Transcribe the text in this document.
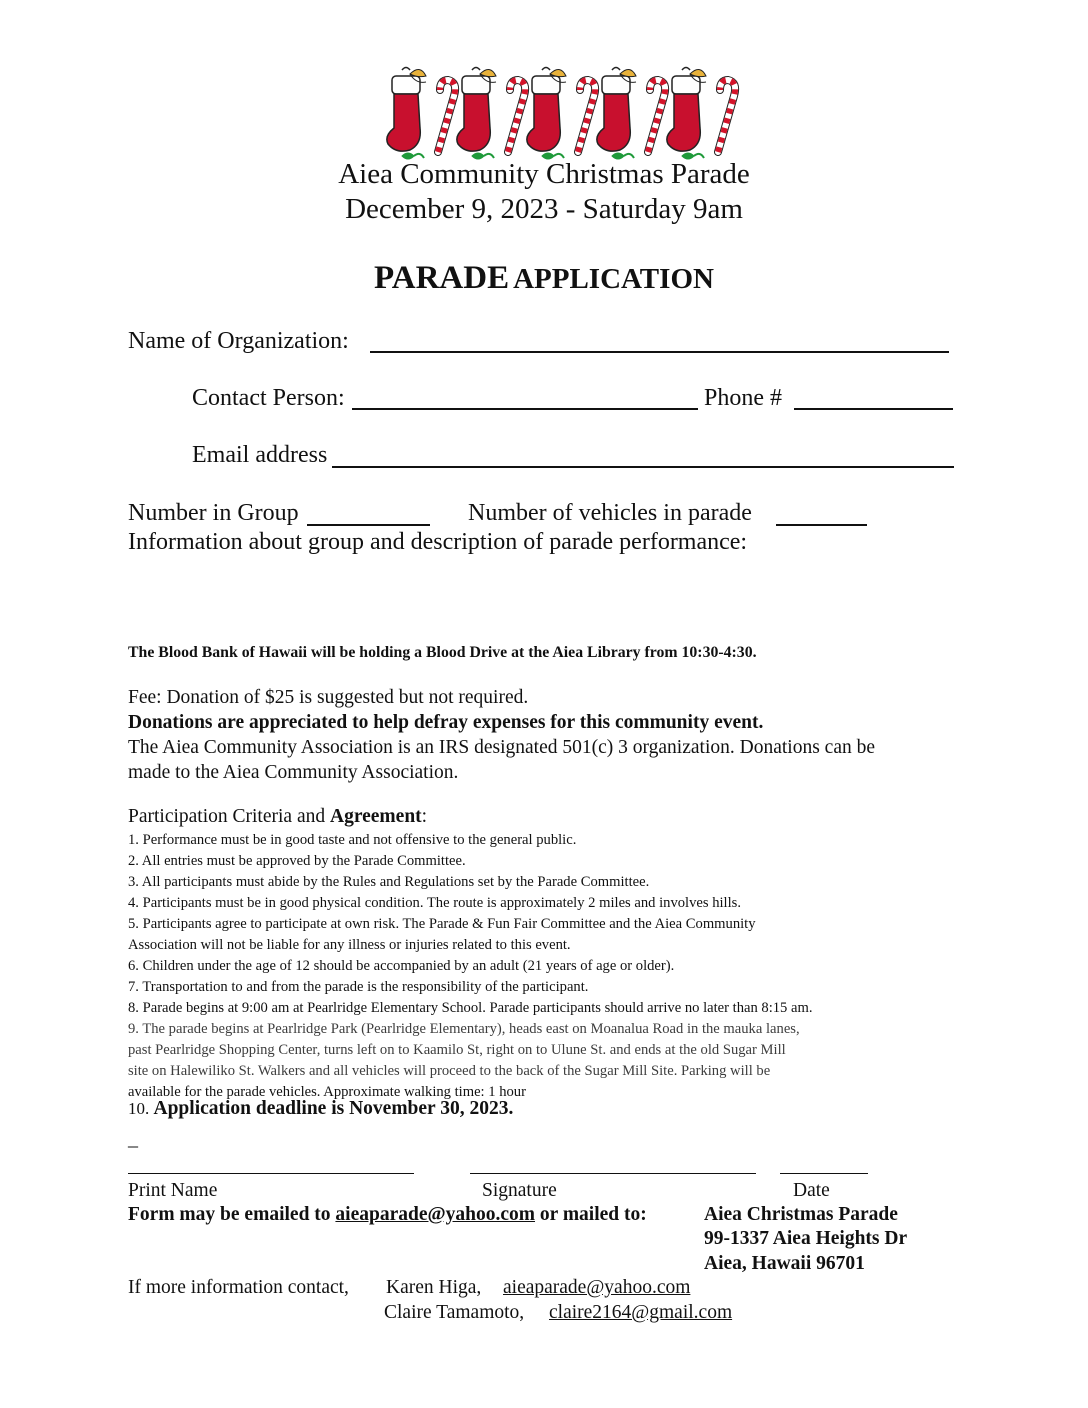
Aiea Community Christmas Parade
December 9, 2023 - Saturday 9am
PARADE APPLICATION
Name of Organization:
Contact Person:	Phone #
Email address
Number in Group	Number of vehicles in parade
Information about group and description of parade performance:
The Blood Bank of Hawaii will be holding a Blood Drive at the Aiea Library from 10:30-4:30.
Fee: Donation of $25 is suggested but not required.
Donations are appreciated to help defray expenses for this community event.
The Aiea Community Association is an IRS designated 501(c) 3 organization. Donations can be
made to the Aiea Community Association.
Participation Criteria and Agreement:
1. Performance must be in good taste and not offensive to the general public.
2. All entries must be approved by the Parade Committee.
3. All participants must abide by the Rules and Regulations set by the Parade Committee.
4. Participants must be in good physical condition. The route is approximately 2 miles and involves hills.
5. Participants agree to participate at own risk. The Parade & Fun Fair Committee and the Aiea Community
Association will not be liable for any illness or injuries related to this event.
6. Children under the age of 12 should be accompanied by an adult (21 years of age or older).
7. Transportation to and from the parade is the responsibility of the participant.
8. Parade begins at 9:00 am at Pearlridge Elementary School. Parade participants should arrive no later than 8:15 am.
9. The parade begins at Pearlridge Park (Pearlridge Elementary), heads east on Moanalua Road in the mauka lanes,
past Pearlridge Shopping Center, turns left on to Kaamilo St, right on to Ulune St. and ends at the old Sugar Mill
site on Halewiliko St. Walkers and all vehicles will proceed to the back of the Sugar Mill Site. Parking will be
available for the parade vehicles. Approximate walking time: 1 hour
10. Application deadline is November 30, 2023.
_
Print Name	Signature	Date
Form may be emailed to aieaparade@yahoo.com or mailed to:	Aiea Christmas Parade
99-1337 Aiea Heights Dr
Aiea, Hawaii 96701
If more information contact, Karen Higa, aieaparade@yahoo.com
Claire Tamamoto, claire2164@gmail.com
